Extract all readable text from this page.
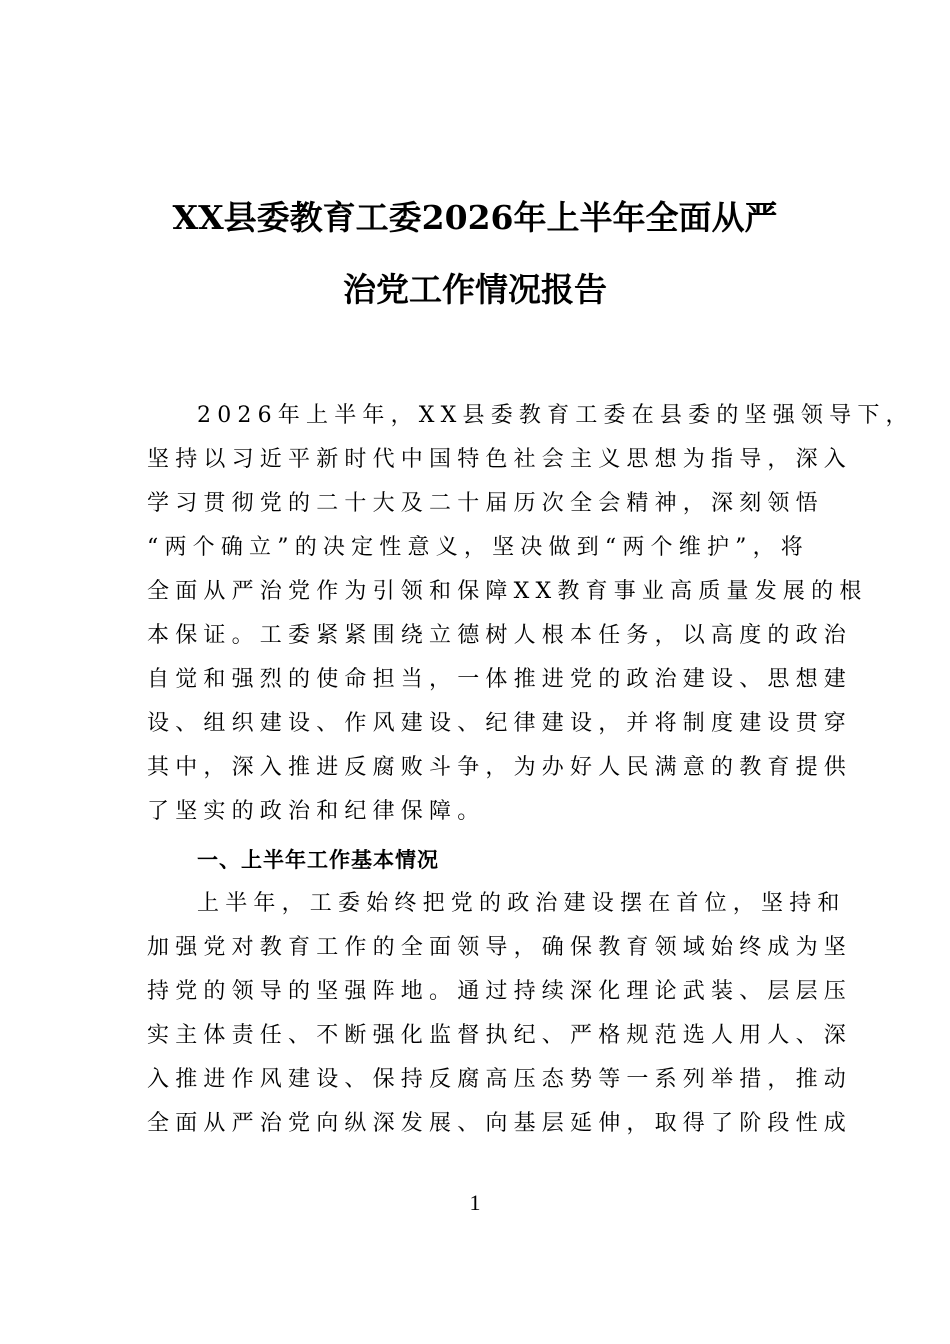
XX县委教育工委2026年上半年全面从严
治党工作情况报告
2026年上半年，XX县委教育工委在县委的坚强领导下，
坚持以习近平新时代中国特色社会主义思想为指导，深入
学习贯彻党的二十大及二十届历次全会精神，深刻领悟
“两个确立”的决定性意义，坚决做到“两个维护”，将
全面从严治党作为引领和保障XX教育事业高质量发展的根
本保证。工委紧紧围绕立德树人根本任务，以高度的政治
自觉和强烈的使命担当，一体推进党的政治建设、思想建
设、组织建设、作风建设、纪律建设，并将制度建设贯穿
其中，深入推进反腐败斗争，为办好人民满意的教育提供
了坚实的政治和纪律保障。
一、上半年工作基本情况
上半年，工委始终把党的政治建设摆在首位，坚持和
加强党对教育工作的全面领导，确保教育领域始终成为坚
持党的领导的坚强阵地。通过持续深化理论武装、层层压
实主体责任、不断强化监督执纪、严格规范选人用人、深
入推进作风建设、保持反腐高压态势等一系列举措，推动
全面从严治党向纵深发展、向基层延伸，取得了阶段性成
1
